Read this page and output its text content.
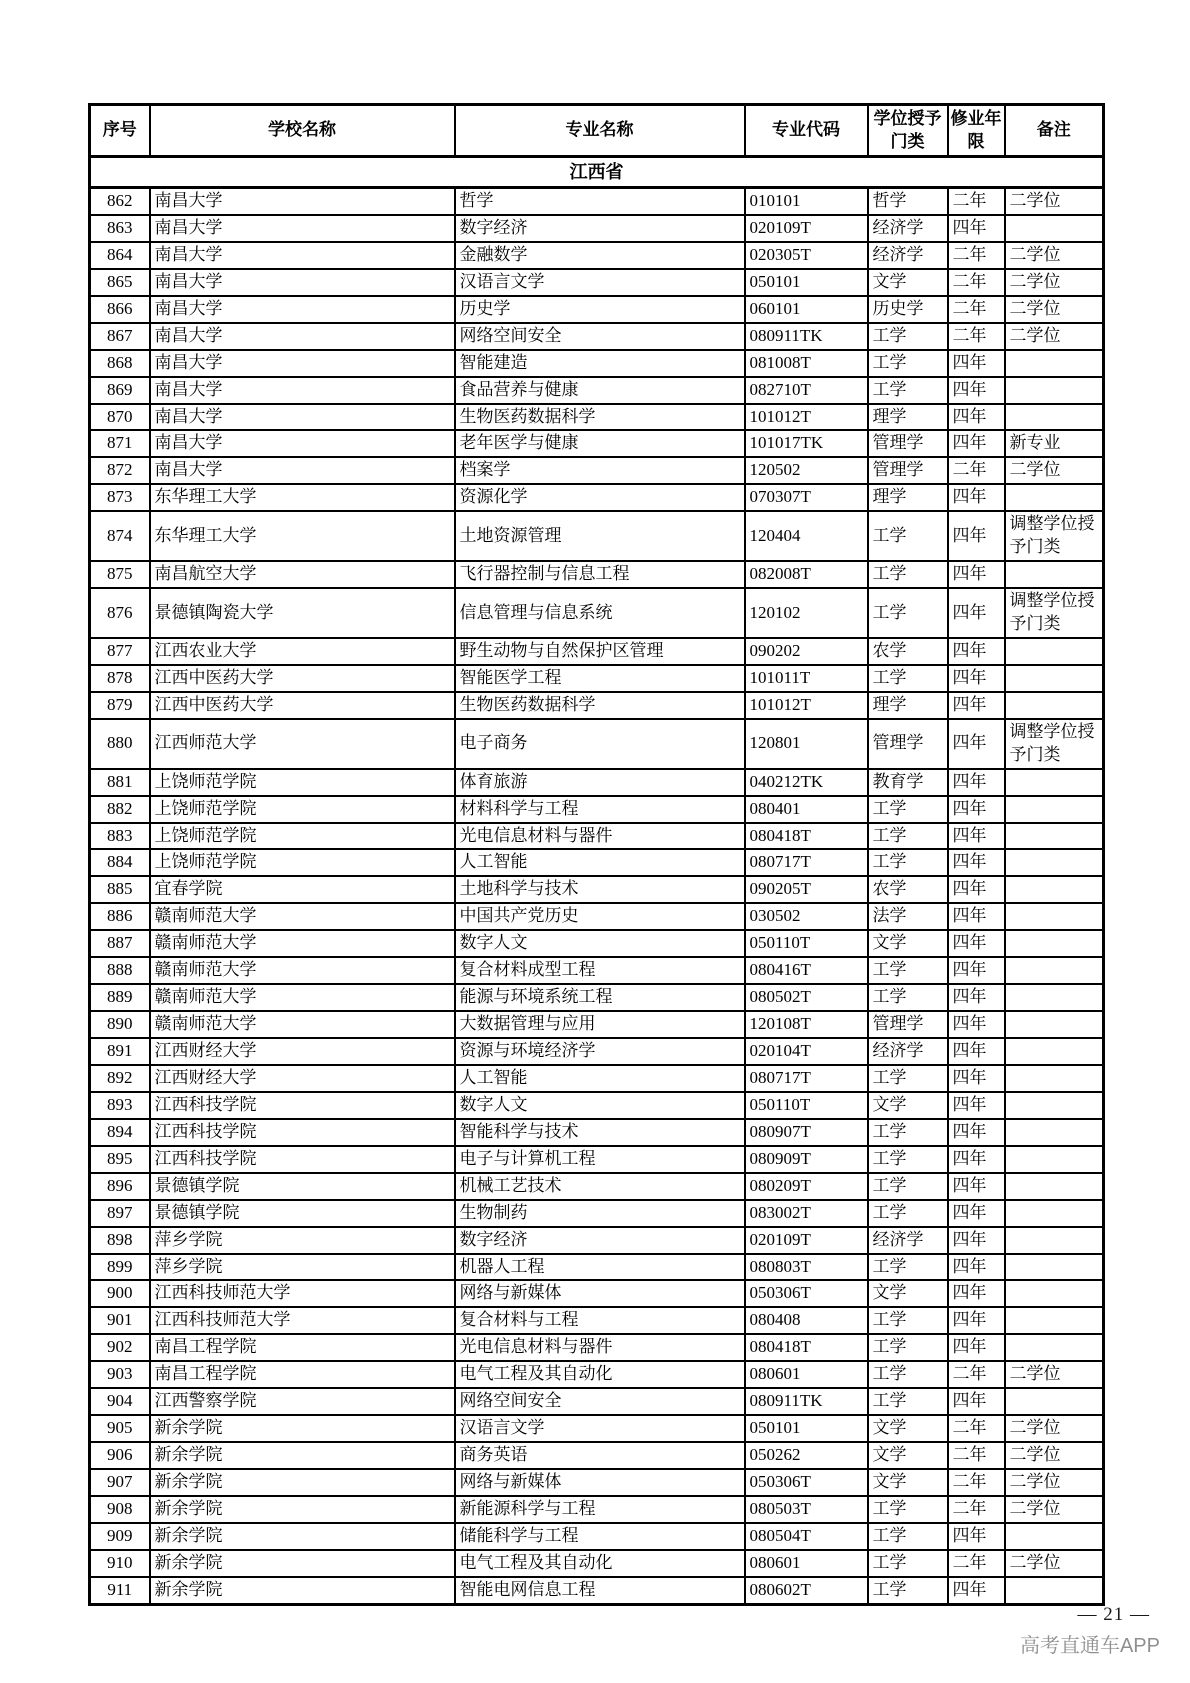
序号	学校名称	专业名称	专业代码	学位授予门类	修业年限	备注
江西省						
862	南昌大学	哲学	010101	哲学	二年	二学位
863	南昌大学	数字经济	020109T	经济学	四年	
864	南昌大学	金融数学	020305T	经济学	二年	二学位
865	南昌大学	汉语言文学	050101	文学	二年	二学位
866	南昌大学	历史学	060101	历史学	二年	二学位
867	南昌大学	网络空间安全	080911TK	工学	二年	二学位
868	南昌大学	智能建造	081008T	工学	四年	
869	南昌大学	食品营养与健康	082710T	工学	四年	
870	南昌大学	生物医药数据科学	101012T	理学	四年	
871	南昌大学	老年医学与健康	101017TK	管理学	四年	新专业
872	南昌大学	档案学	120502	管理学	二年	二学位
873	东华理工大学	资源化学	070307T	理学	四年	
874	东华理工大学	土地资源管理	120404	工学	四年	调整学位授予门类
875	南昌航空大学	飞行器控制与信息工程	082008T	工学	四年	
876	景德镇陶瓷大学	信息管理与信息系统	120102	工学	四年	调整学位授予门类
877	江西农业大学	野生动物与自然保护区管理	090202	农学	四年	
878	江西中医药大学	智能医学工程	101011T	工学	四年	
879	江西中医药大学	生物医药数据科学	101012T	理学	四年	
880	江西师范大学	电子商务	120801	管理学	四年	调整学位授予门类
881	上饶师范学院	体育旅游	040212TK	教育学	四年	
882	上饶师范学院	材料科学与工程	080401	工学	四年	
883	上饶师范学院	光电信息材料与器件	080418T	工学	四年	
884	上饶师范学院	人工智能	080717T	工学	四年	
885	宜春学院	土地科学与技术	090205T	农学	四年	
886	赣南师范大学	中国共产党历史	030502	法学	四年	
887	赣南师范大学	数字人文	050110T	文学	四年	
888	赣南师范大学	复合材料成型工程	080416T	工学	四年	
889	赣南师范大学	能源与环境系统工程	080502T	工学	四年	
890	赣南师范大学	大数据管理与应用	120108T	管理学	四年	
891	江西财经大学	资源与环境经济学	020104T	经济学	四年	
892	江西财经大学	人工智能	080717T	工学	四年	
893	江西科技学院	数字人文	050110T	文学	四年	
894	江西科技学院	智能科学与技术	080907T	工学	四年	
895	江西科技学院	电子与计算机工程	080909T	工学	四年	
896	景德镇学院	机械工艺技术	080209T	工学	四年	
897	景德镇学院	生物制药	083002T	工学	四年	
898	萍乡学院	数字经济	020109T	经济学	四年	
899	萍乡学院	机器人工程	080803T	工学	四年	
900	江西科技师范大学	网络与新媒体	050306T	文学	四年	
901	江西科技师范大学	复合材料与工程	080408	工学	四年	
902	南昌工程学院	光电信息材料与器件	080418T	工学	四年	
903	南昌工程学院	电气工程及其自动化	080601	工学	二年	二学位
904	江西警察学院	网络空间安全	080911TK	工学	四年	
905	新余学院	汉语言文学	050101	文学	二年	二学位
906	新余学院	商务英语	050262	文学	二年	二学位
907	新余学院	网络与新媒体	050306T	文学	二年	二学位
908	新余学院	新能源科学与工程	080503T	工学	二年	二学位
909	新余学院	储能科学与工程	080504T	工学	四年	
910	新余学院	电气工程及其自动化	080601	工学	二年	二学位
911	新余学院	智能电网信息工程	080602T	工学	四年	
— 21 —
高考直通车APP
